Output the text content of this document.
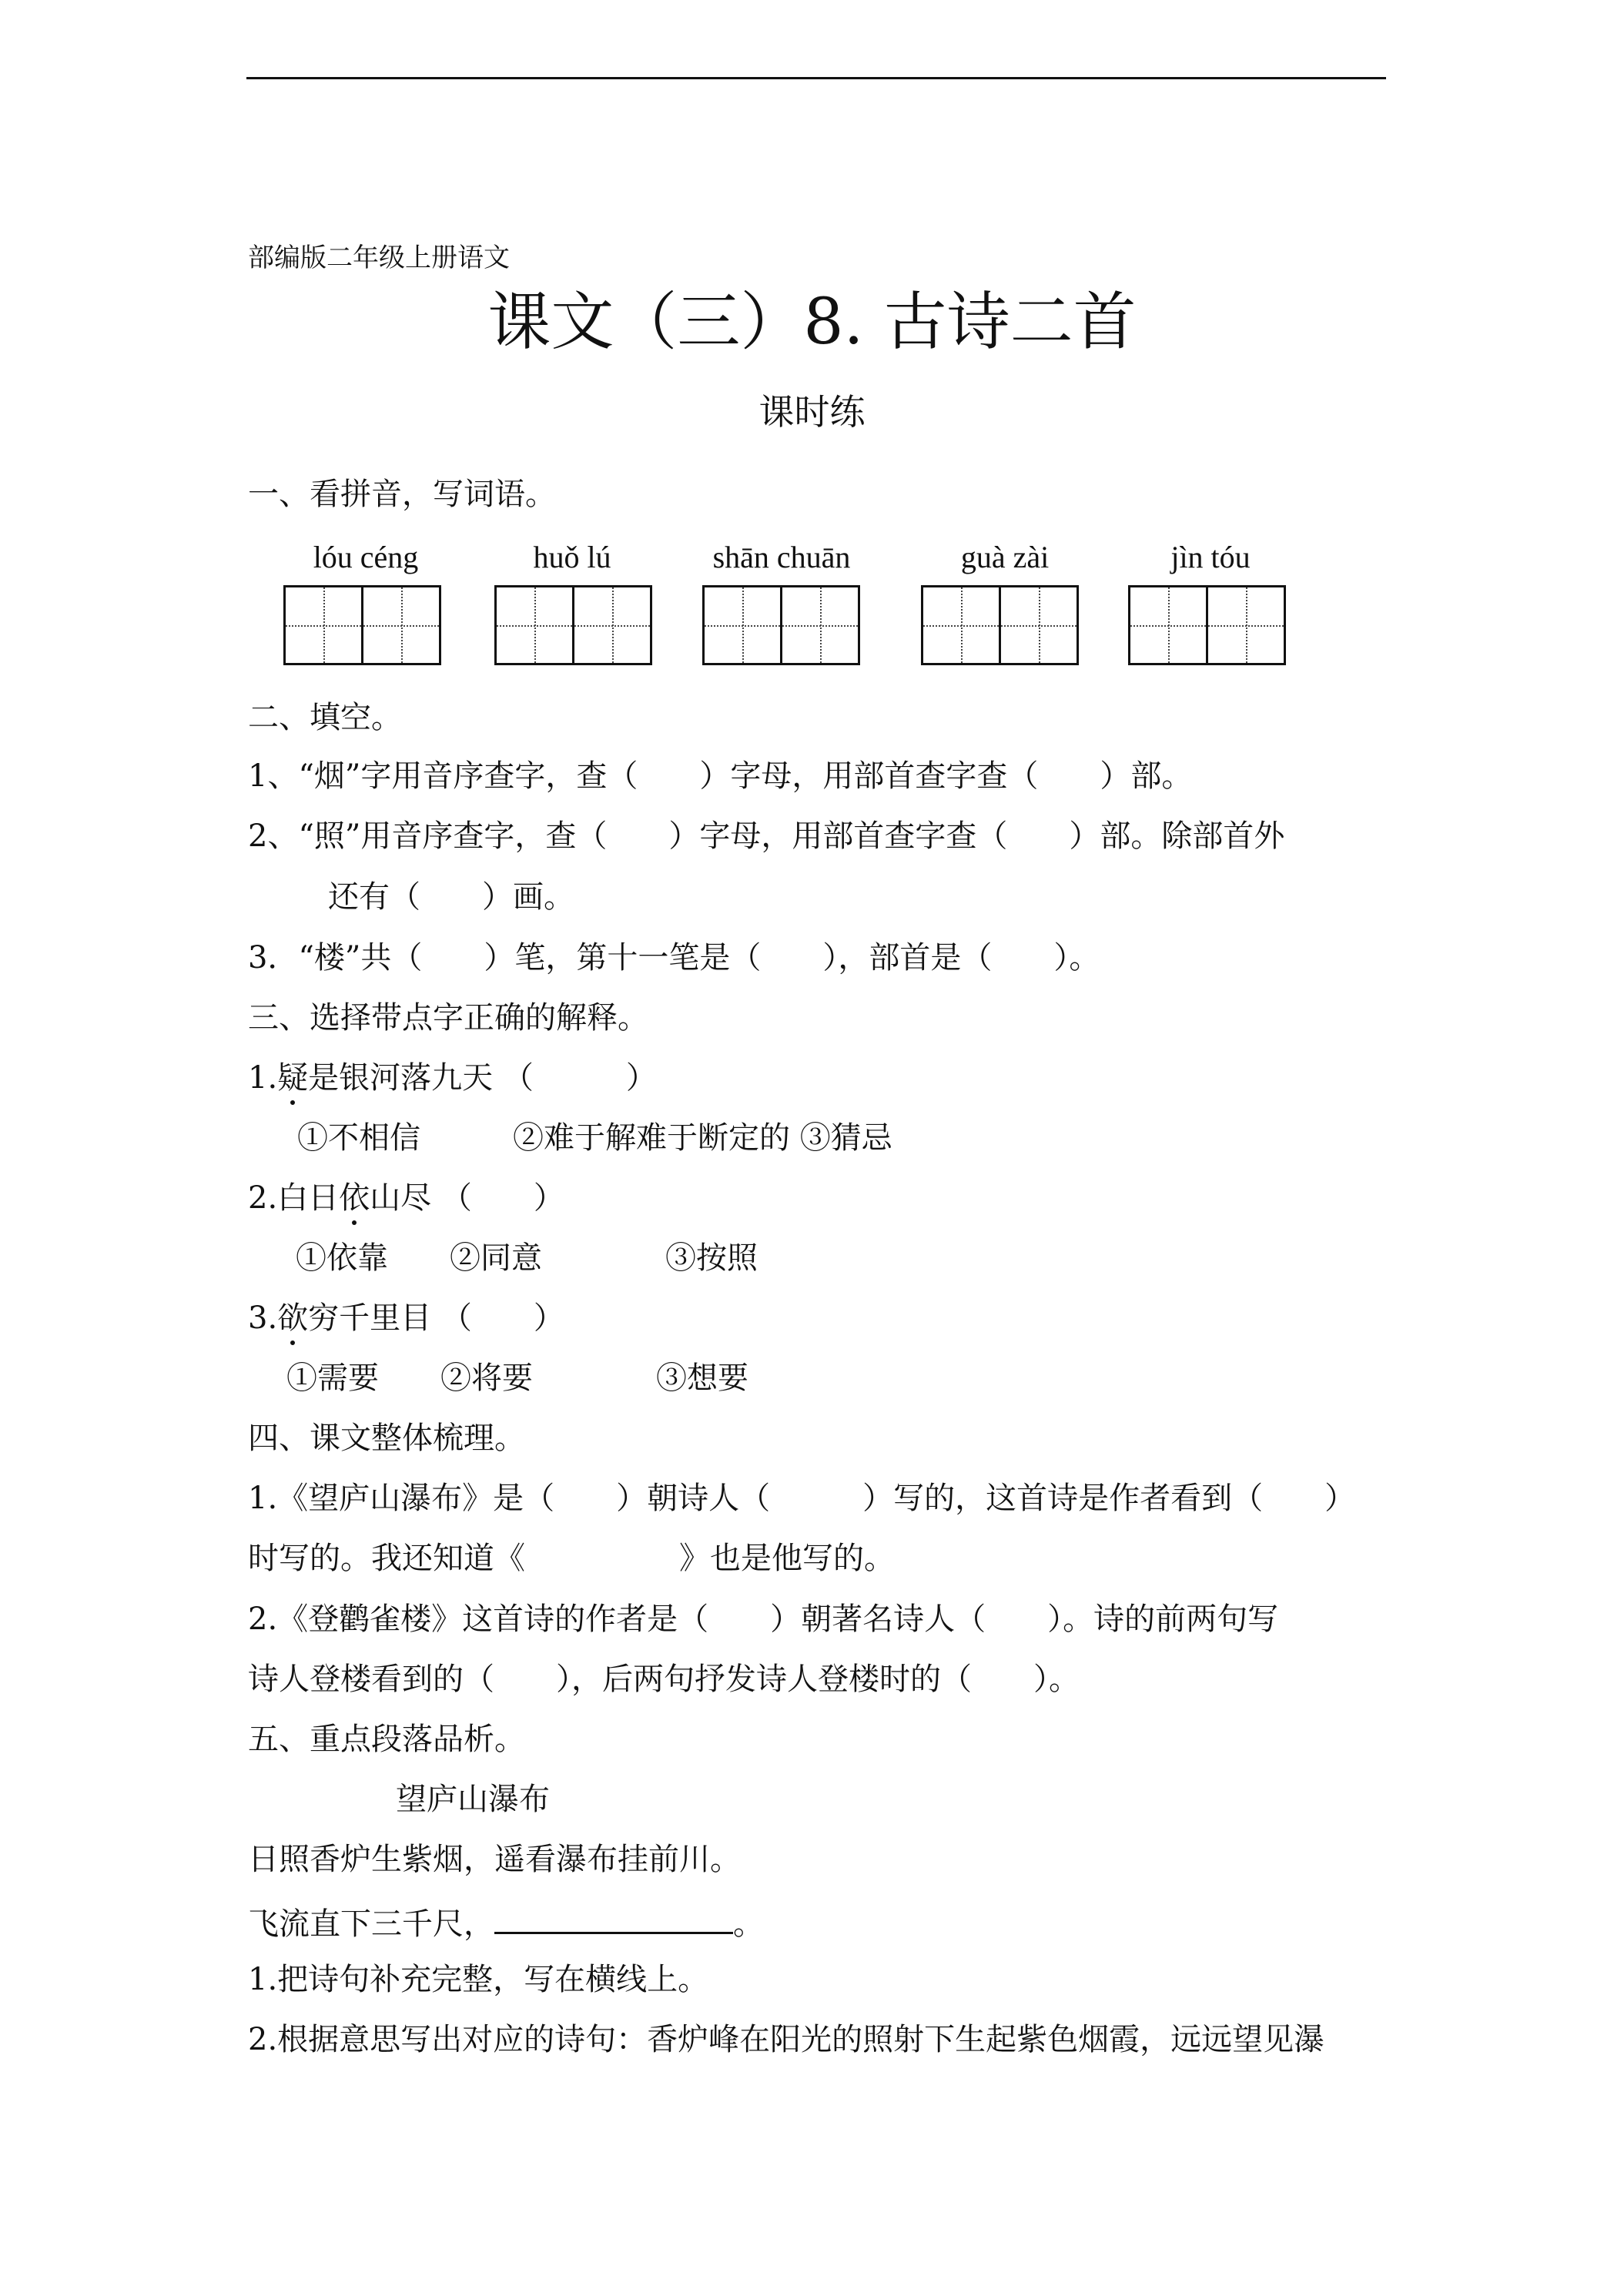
部编版二年级上册语文
课文（三）8. 古诗二首
课时练
一、看拼音，写词语。
lóu céng	huǒ lú	shān chuān	guà zài	jìn tóu
二、填空。
1、“烟”字用音序查字，查（　　）字母，用部首查字查（　　）部。
2、“照”用音序查字，查（　　）字母，用部首查字查（　　）部。除部首外
还有（　　）画。
3．“楼”共（　　）笔，第十一笔是（　　），部首是（　　）。
三、选择带点字正确的解释。
1.疑是银河落九天 （　　　）
①不相信　　　②难于解难于断定的 ③猜忌
2.白日依山尽 （　　）
①依靠　　②同意　　　　③按照
3.欲穷千里目 （　　）
①需要　　②将要　　　　③想要
四、课文整体梳理。
1.《望庐山瀑布》是（　　）朝诗人（　　　）写的，这首诗是作者看到（　　）
时写的。我还知道《　　　　　》也是他写的。
2.《登鹳雀楼》这首诗的作者是（　　）朝著名诗人（　　）。诗的前两句写
诗人登楼看到的（　　），后两句抒发诗人登楼时的（　　）。
五、重点段落品析。
望庐山瀑布
日照香炉生紫烟，遥看瀑布挂前川。
飞流直下三千尺，	。
1.把诗句补充完整，写在横线上。
2.根据意思写出对应的诗句：香炉峰在阳光的照射下生起紫色烟霞，远远望见瀑
